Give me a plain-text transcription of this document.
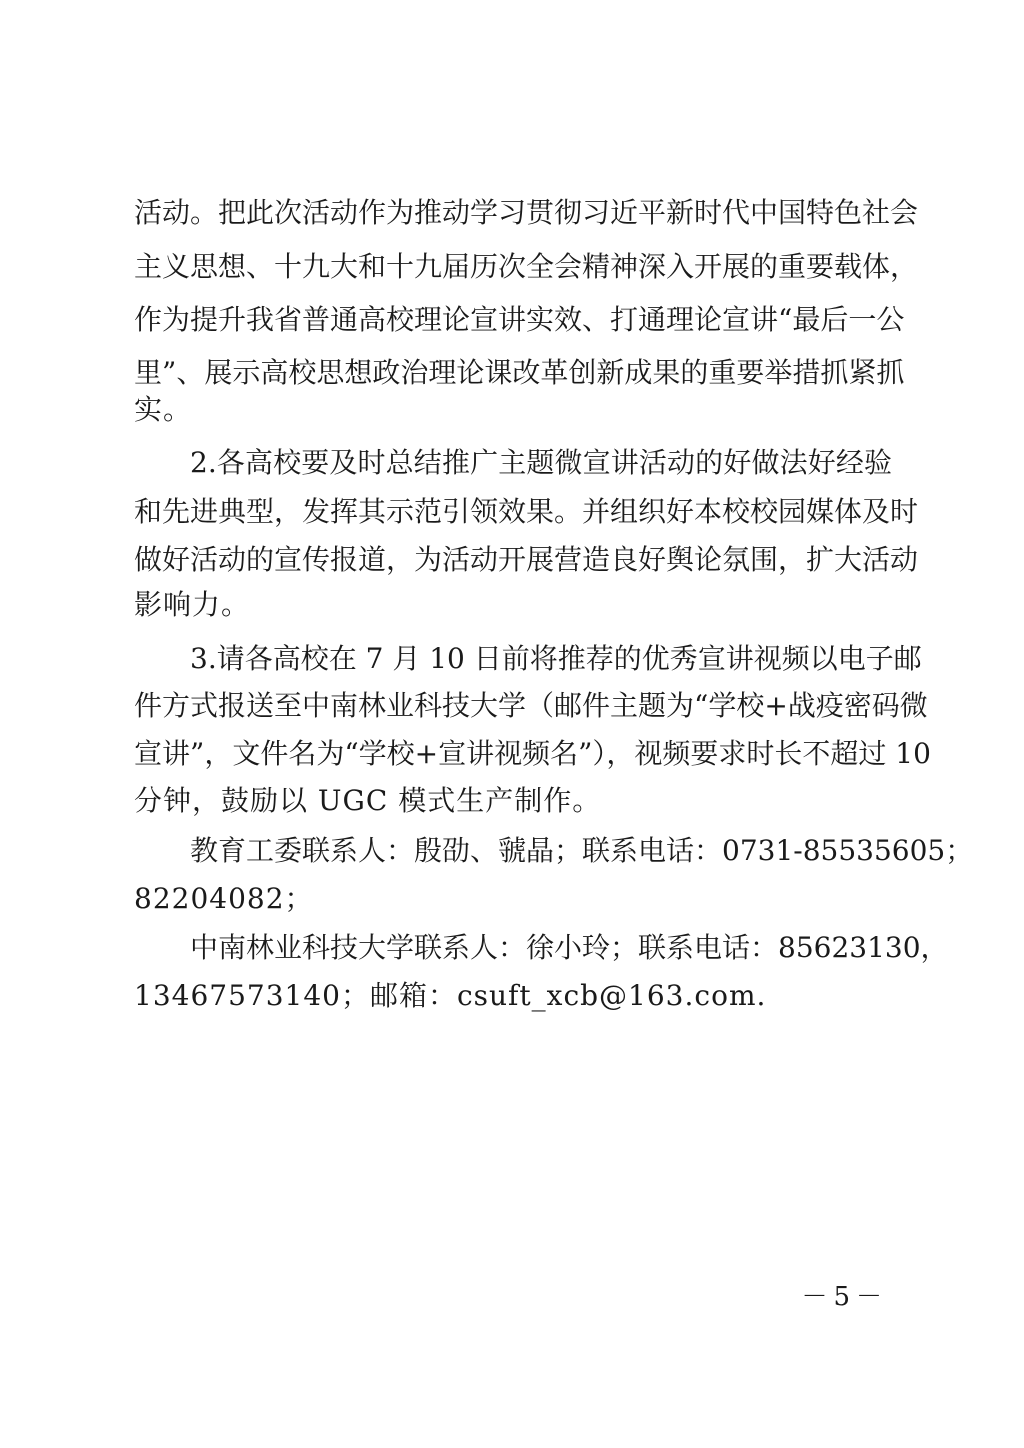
活动。把此次活动作为推动学习贯彻习近平新时代中国特色社会
主义思想、十九大和十九届历次全会精神深入开展的重要载体，
作为提升我省普通高校理论宣讲实效、打通理论宣讲“最后一公
里”、展示高校思想政治理论课改革创新成果的重要举措抓紧抓
实。
2.各高校要及时总结推广主题微宣讲活动的好做法好经验
和先进典型，发挥其示范引领效果。并组织好本校校园媒体及时
做好活动的宣传报道，为活动开展营造良好舆论氛围，扩大活动
影响力。
3.请各高校在 7 月 10 日前将推荐的优秀宣讲视频以电子邮
件方式报送至中南林业科技大学（邮件主题为“学校+战疫密码微
宣讲”，文件名为“学校+宣讲视频名”），视频要求时长不超过 10
分钟，鼓励以 UGC 模式生产制作。
教育工委联系人：殷劭、虢晶；联系电话：0731-85535605；
82204082；
中南林业科技大学联系人：徐小玲；联系电话：85623130，
13467573140；邮箱：csuft_xcb@163.com.
－5－
